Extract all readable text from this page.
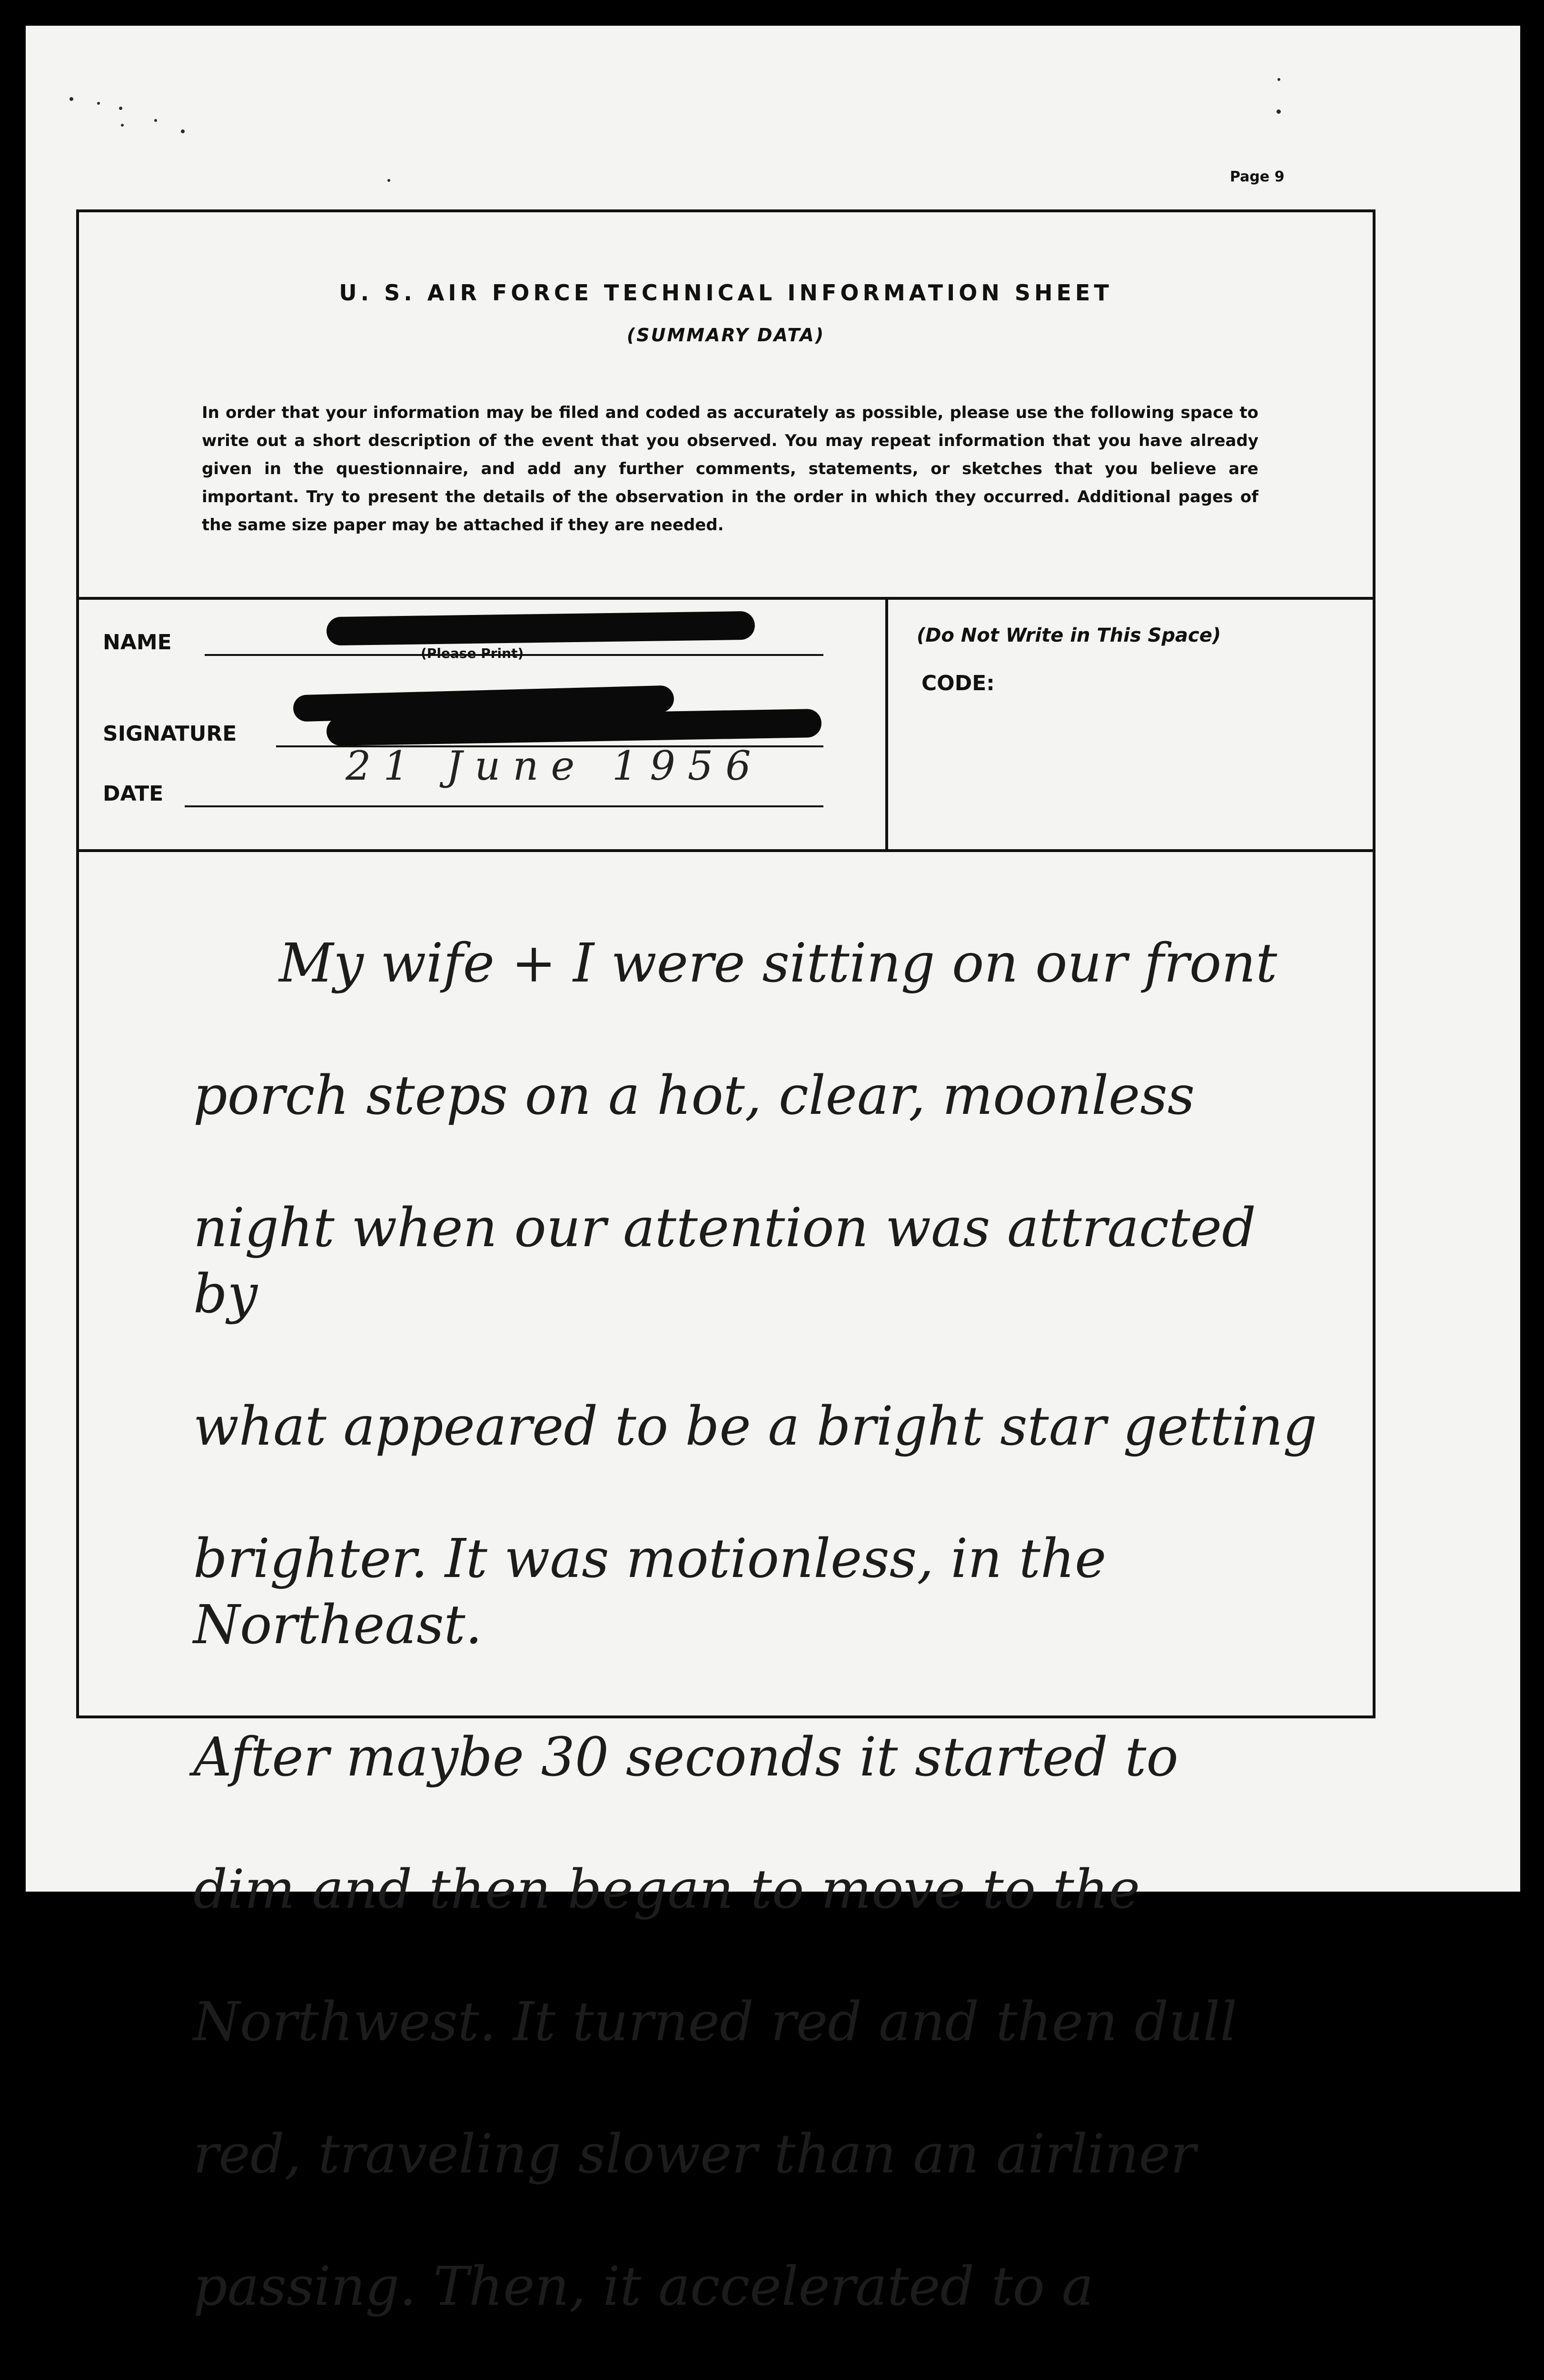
Page 9
U. S. AIR FORCE TECHNICAL INFORMATION SHEET
(SUMMARY DATA)
In order that your information may be filed and coded as accurately as possible, please use the following space to write out a short description of the event that you observed. You may repeat information that you have already given in the questionnaire, and add any further comments, statements, or sketches that you believe are important. Try to present the details of the observation in the order in which they occurred. Additional pages of the same size paper may be attached if they are needed.
NAME	(Please Print)
SIGNATURE
DATE
21 June 1956
(Do Not Write in This Space)
CODE:

My wife + I were sitting on our front

porch steps on a hot, clear, moonless

night when our attention was attracted by

what appeared to be a bright star getting

brighter. It was motionless, in the Northeast.

After maybe 30 seconds it started to

dim and then began to move to the

Northwest. It turned red and then dull

red, traveling slower than an airliner

passing. Then, it accelerated to a
